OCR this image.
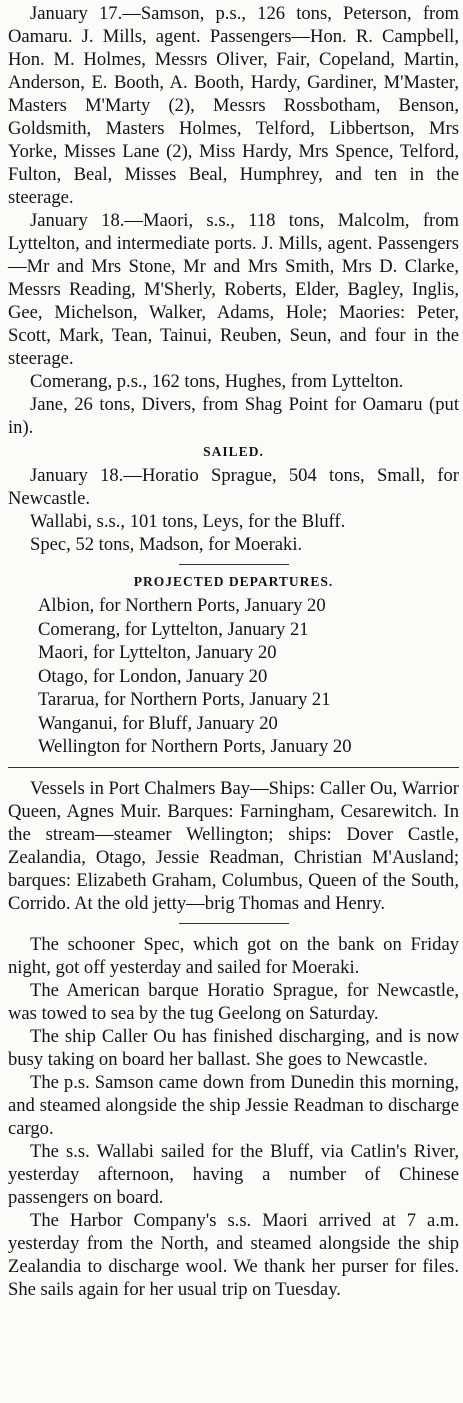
January 17.—Samson, p.s., 126 tons, Peterson, from Oamaru. J. Mills, agent. Passengers—Hon. R. Campbell, Hon. M. Holmes, Messrs Oliver, Fair, Copeland, Martin, Anderson, E. Booth, A. Booth, Hardy, Gardiner, M'Master, Masters M'Marty (2), Messrs Rossbotham, Benson, Goldsmith, Masters Holmes, Telford, Libbertson, Mrs Yorke, Misses Lane (2), Miss Hardy, Mrs Spence, Telford, Fulton, Beal, Misses Beal, Humphrey, and ten in the steerage.

January 18.—Maori, s.s., 118 tons, Malcolm, from Lyttelton, and intermediate ports. J. Mills, agent. Passengers—Mr and Mrs Stone, Mr and Mrs Smith, Mrs D. Clarke, Messrs Reading, M'Sherly, Roberts, Elder, Bagley, Inglis, Gee, Michelson, Walker, Adams, Hole; Maories: Peter, Scott, Mark, Tean, Tainui, Reuben, Seun, and four in the steerage.

Comerang, p.s., 162 tons, Hughes, from Lyttelton.

Jane, 26 tons, Divers, from Shag Point for Oamaru (put in).

SAILED.

January 18.—Horatio Sprague, 504 tons, Small, for Newcastle.

Wallabi, s.s., 101 tons, Leys, for the Bluff.

Spec, 52 tons, Madson, for Moeraki.

PROJECTED DEPARTURES.
Albion, for Northern Ports, January 20
Comerang, for Lyttelton, January 21
Maori, for Lyttelton, January 20
Otago, for London, January 20
Tararua, for Northern Ports, January 21
Wanganui, for Bluff, January 20
Wellington for Northern Ports, January 20

Vessels in Port Chalmers Bay—Ships: Caller Ou, Warrior Queen, Agnes Muir. Barques: Farningham, Cesarewitch. In the stream—steamer Wellington; ships: Dover Castle, Zealandia, Otago, Jessie Readman, Christian M'Ausland; barques: Elizabeth Graham, Columbus, Queen of the South, Corrido. At the old jetty—brig Thomas and Henry.

The schooner Spec, which got on the bank on Friday night, got off yesterday and sailed for Moeraki.

The American barque Horatio Sprague, for Newcastle, was towed to sea by the tug Geelong on Saturday.

The ship Caller Ou has finished discharging, and is now busy taking on board her ballast. She goes to Newcastle.

The p.s. Samson came down from Dunedin this morning, and steamed alongside the ship Jessie Readman to discharge cargo.

The s.s. Wallabi sailed for the Bluff, via Catlin's River, yesterday afternoon, having a number of Chinese passengers on board.

The Harbor Company's s.s. Maori arrived at 7 a.m. yesterday from the North, and steamed alongside the ship Zealandia to discharge wool. We thank her purser for files. She sails again for her usual trip on Tuesday.
